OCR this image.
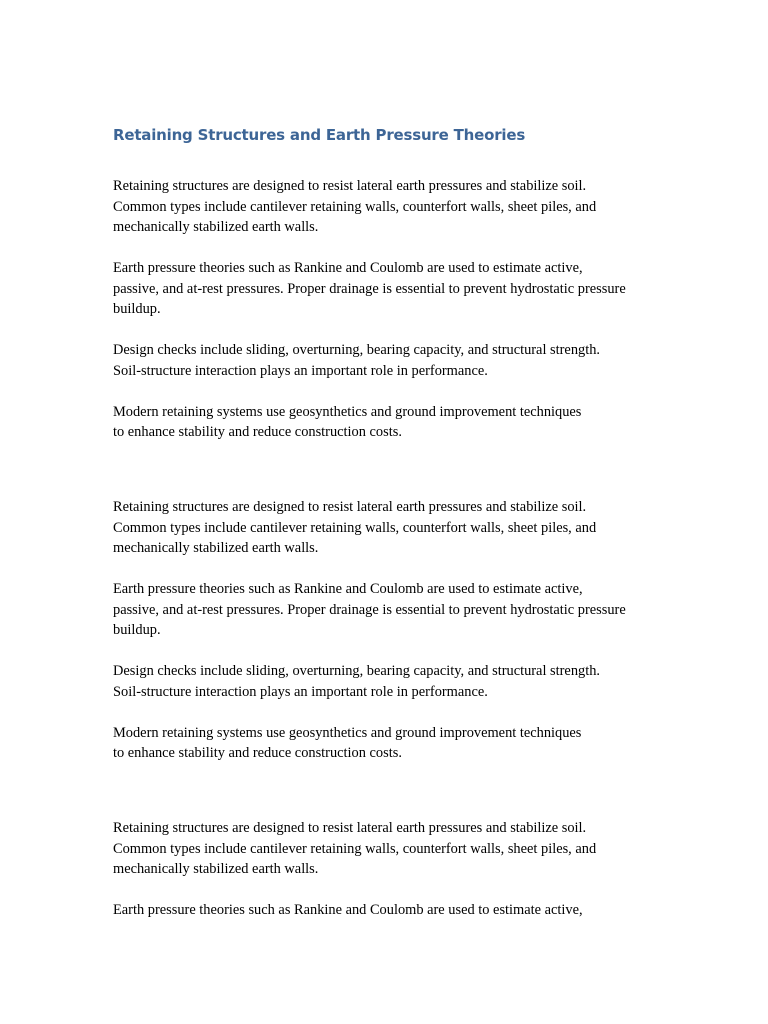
Retaining Structures and Earth Pressure Theories

Retaining structures are designed to resist lateral earth pressures and stabilize soil.
Common types include cantilever retaining walls, counterfort walls, sheet piles, and
mechanically stabilized earth walls.

Earth pressure theories such as Rankine and Coulomb are used to estimate active,
passive, and at-rest pressures. Proper drainage is essential to prevent hydrostatic pressure
buildup.

Design checks include sliding, overturning, bearing capacity, and structural strength.
Soil-structure interaction plays an important role in performance.

Modern retaining systems use geosynthetics and ground improvement techniques
to enhance stability and reduce construction costs.

Retaining structures are designed to resist lateral earth pressures and stabilize soil.
Common types include cantilever retaining walls, counterfort walls, sheet piles, and
mechanically stabilized earth walls.

Earth pressure theories such as Rankine and Coulomb are used to estimate active,
passive, and at-rest pressures. Proper drainage is essential to prevent hydrostatic pressure
buildup.

Design checks include sliding, overturning, bearing capacity, and structural strength.
Soil-structure interaction plays an important role in performance.

Modern retaining systems use geosynthetics and ground improvement techniques
to enhance stability and reduce construction costs.

Retaining structures are designed to resist lateral earth pressures and stabilize soil.
Common types include cantilever retaining walls, counterfort walls, sheet piles, and
mechanically stabilized earth walls.

Earth pressure theories such as Rankine and Coulomb are used to estimate active,
